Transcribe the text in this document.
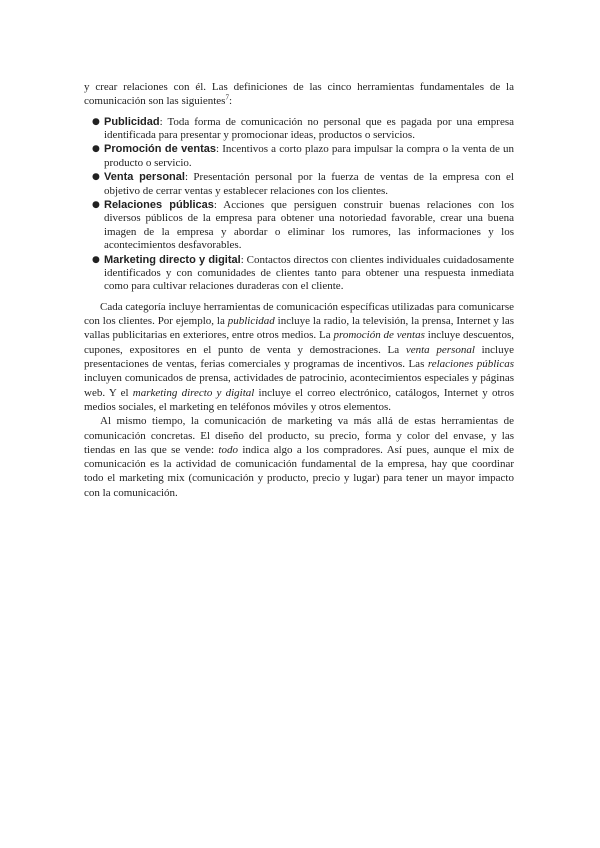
y crear relaciones con él. Las definiciones de las cinco herramientas fundamentales de la comunicación son las siguientes$^7$:

● Publicidad: Toda forma de comunicación no personal que es pagada por una empresa identificada para presentar y promocionar ideas, productos o servicios.
● Promoción de ventas: Incentivos a corto plazo para impulsar la compra o la venta de un producto o servicio.
● Venta personal: Presentación personal por la fuerza de ventas de la empresa con el objetivo de cerrar ventas y establecer relaciones con los clientes.
● Relaciones públicas: Acciones que persiguen construir buenas relaciones con los diversos públicos de la empresa para obtener una notoriedad favorable, crear una buena imagen de la empresa y abordar o eliminar los rumores, las informaciones y los acontecimientos desfavorables.
● Marketing directo y digital: Contactos directos con clientes individuales cuidadosamente identificados y con comunidades de clientes tanto para obtener una respuesta inmediata como para cultivar relaciones duraderas con el cliente.

Cada categoría incluye herramientas de comunicación específicas utilizadas para comunicarse con los clientes. Por ejemplo, la publicidad incluye la radio, la televisión, la prensa, Internet y las vallas publicitarias en exteriores, entre otros medios. La promoción de ventas incluye descuentos, cupones, expositores en el punto de venta y demostraciones. La venta personal incluye presentaciones de ventas, ferias comerciales y programas de incentivos. Las relaciones públicas incluyen comunicados de prensa, actividades de patrocinio, acontecimientos especiales y páginas web. Y el marketing directo y digital incluye el correo electrónico, catálogos, Internet y otros medios sociales, el marketing en teléfonos móviles y otros elementos.

Al mismo tiempo, la comunicación de marketing va más allá de estas herramientas de comunicación concretas. El diseño del producto, su precio, forma y color del envase, y las tiendas en las que se vende: todo indica algo a los compradores. Así pues, aunque el mix de comunicación es la actividad de comunicación fundamental de la empresa, hay que coordinar todo el marketing mix (comunicación y producto, precio y lugar) para tener un mayor impacto con la comunicación.
